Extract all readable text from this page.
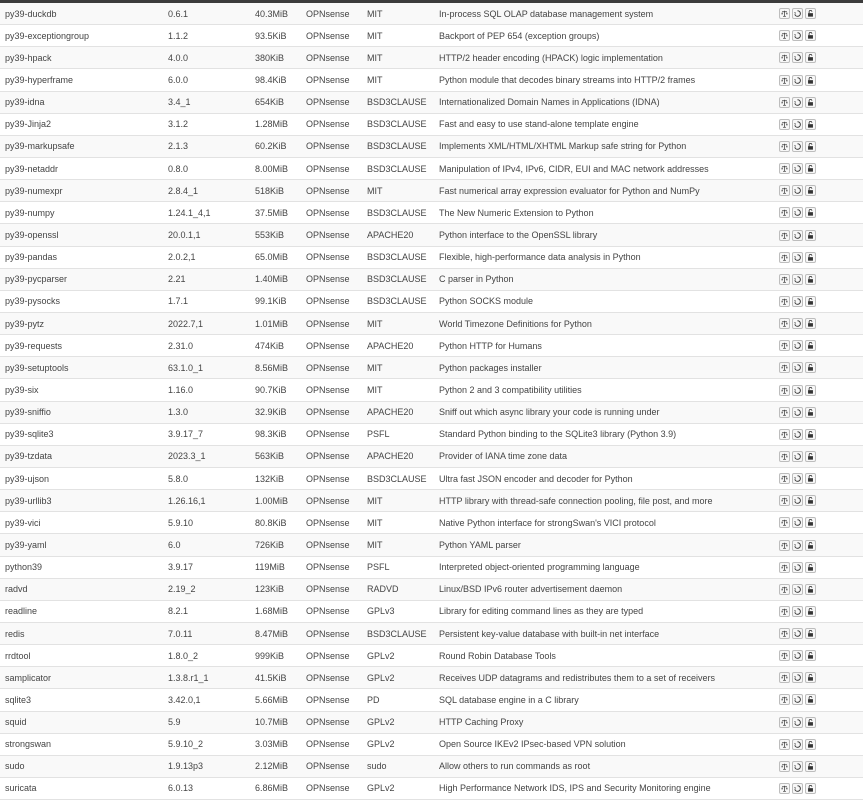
py39-duckdb	0.6.1	40.3MiB	OPNsense	MIT	In-process SQL OLAP database management system	

py39-exceptiongroup	1.1.2	93.5KiB	OPNsense	MIT	Backport of PEP 654 (exception groups)	

py39-hpack	4.0.0	380KiB	OPNsense	MIT	HTTP/2 header encoding (HPACK) logic implementation	

py39-hyperframe	6.0.0	98.4KiB	OPNsense	MIT	Python module that decodes binary streams into HTTP/2 frames	

py39-idna	3.4_1	654KiB	OPNsense	BSD3CLAUSE	Internationalized Domain Names in Applications (IDNA)	

py39-Jinja2	3.1.2	1.28MiB	OPNsense	BSD3CLAUSE	Fast and easy to use stand-alone template engine	

py39-markupsafe	2.1.3	60.2KiB	OPNsense	BSD3CLAUSE	Implements XML/HTML/XHTML Markup safe string for Python	

py39-netaddr	0.8.0	8.00MiB	OPNsense	BSD3CLAUSE	Manipulation of IPv4, IPv6, CIDR, EUI and MAC network addresses	

py39-numexpr	2.8.4_1	518KiB	OPNsense	MIT	Fast numerical array expression evaluator for Python and NumPy	

py39-numpy	1.24.1_4,1	37.5MiB	OPNsense	BSD3CLAUSE	The New Numeric Extension to Python	

py39-openssl	20.0.1,1	553KiB	OPNsense	APACHE20	Python interface to the OpenSSL library	

py39-pandas	2.0.2,1	65.0MiB	OPNsense	BSD3CLAUSE	Flexible, high-performance data analysis in Python	

py39-pycparser	2.21	1.40MiB	OPNsense	BSD3CLAUSE	C parser in Python	

py39-pysocks	1.7.1	99.1KiB	OPNsense	BSD3CLAUSE	Python SOCKS module	

py39-pytz	2022.7,1	1.01MiB	OPNsense	MIT	World Timezone Definitions for Python	

py39-requests	2.31.0	474KiB	OPNsense	APACHE20	Python HTTP for Humans	

py39-setuptools	63.1.0_1	8.56MiB	OPNsense	MIT	Python packages installer	

py39-six	1.16.0	90.7KiB	OPNsense	MIT	Python 2 and 3 compatibility utilities	

py39-sniffio	1.3.0	32.9KiB	OPNsense	APACHE20	Sniff out which async library your code is running under	

py39-sqlite3	3.9.17_7	98.3KiB	OPNsense	PSFL	Standard Python binding to the SQLite3 library (Python 3.9)	

py39-tzdata	2023.3_1	563KiB	OPNsense	APACHE20	Provider of IANA time zone data	

py39-ujson	5.8.0	132KiB	OPNsense	BSD3CLAUSE	Ultra fast JSON encoder and decoder for Python	

py39-urllib3	1.26.16,1	1.00MiB	OPNsense	MIT	HTTP library with thread-safe connection pooling, file post, and more	

py39-vici	5.9.10	80.8KiB	OPNsense	MIT	Native Python interface for strongSwan's VICI protocol	

py39-yaml	6.0	726KiB	OPNsense	MIT	Python YAML parser	

python39	3.9.17	119MiB	OPNsense	PSFL	Interpreted object-oriented programming language	

radvd	2.19_2	123KiB	OPNsense	RADVD	Linux/BSD IPv6 router advertisement daemon	

readline	8.2.1	1.68MiB	OPNsense	GPLv3	Library for editing command lines as they are typed	

redis	7.0.11	8.47MiB	OPNsense	BSD3CLAUSE	Persistent key-value database with built-in net interface	

rrdtool	1.8.0_2	999KiB	OPNsense	GPLv2	Round Robin Database Tools	

samplicator	1.3.8.r1_1	41.5KiB	OPNsense	GPLv2	Receives UDP datagrams and redistributes them to a set of receivers	

sqlite3	3.42.0,1	5.66MiB	OPNsense	PD	SQL database engine in a C library	

squid	5.9	10.7MiB	OPNsense	GPLv2	HTTP Caching Proxy	

strongswan	5.9.10_2	3.03MiB	OPNsense	GPLv2	Open Source IKEv2 IPsec-based VPN solution	

sudo	1.9.13p3	2.12MiB	OPNsense	sudo	Allow others to run commands as root	

suricata	6.0.13	6.86MiB	OPNsense	GPLv2	High Performance Network IDS, IPS and Security Monitoring engine	
